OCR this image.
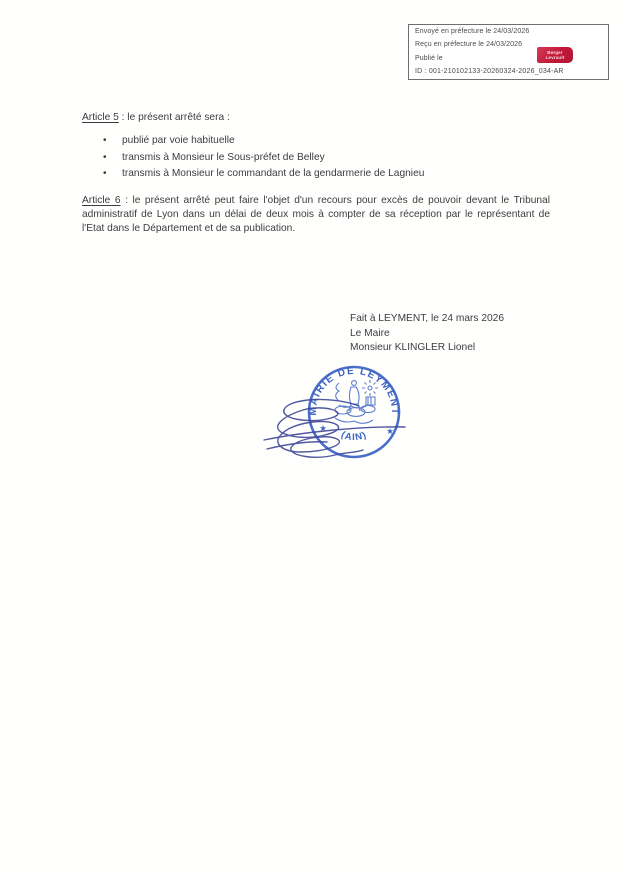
Envoyé en préfecture le 24/03/2026
Reçu en préfecture le 24/03/2026
Publié le
ID : 001-210102133-20260324-2026_034-AR
Berger
Levrault
Article 5 : le présent arrêté sera :
• publié par voie habituelle
• transmis à Monsieur le Sous-préfet de Belley
• transmis à Monsieur le commandant de la gendarmerie de Lagnieu
Article 6 : le présent arrêté peut faire l'objet d'un recours pour excès de pouvoir devant le Tribunal administratif de Lyon dans un délai de deux mois à compter de sa réception par le représentant de l'Etat dans le Département et de sa publication.
Fait à LEYMENT, le 24 mars 2026
Le Maire
Monsieur KLINGLER Lionel
MAIRIE DE LEYMENT
(AIN)
★	★
